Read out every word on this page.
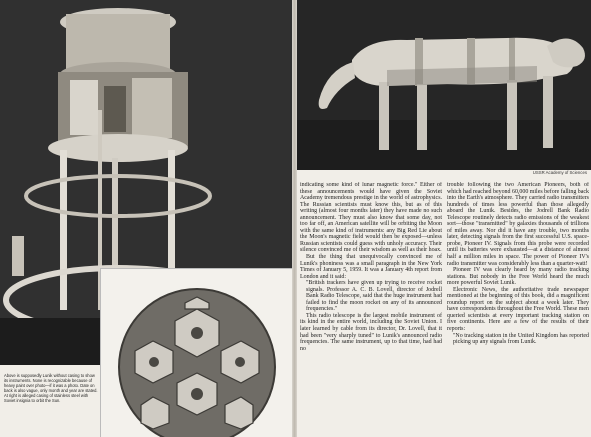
Above is supposedly Lunik without casing to show its instruments. None is recognizable because of heavy paint over photo—if it was a photo. Date on back is also vague, only month and year are stated. At right is alleged casing of stainless steel with Soviet insignia to orbit the Sun.
USSR Academy of Sciences

indicating some kind of lunar magnetic force." Either of these announcements would have given the Soviet Academy tremendous prestige in the world of astrophysics. The Russian scientists must know this, but as of this writing (almost four months later) they have made no such announcement. They must also know that some day, not too far off, an American satellite will be orbiting the Moon with the same kind of instruments: any Big Red Lie about the Moon's magnetic field would then be exposed—unless Russian scientists could guess with unholy accuracy. Their silence convinced me of their wisdom as well as their hoax.

But the thing that unequivocally convinced me of Lunik's phoniness was a small paragraph in the New York Times of January 5, 1959. It was a January 4th report from London and it said:

"British trackers have given up trying to receive rocket signals. Professor A. C. B. Lovell, director of Jodrell Bank Radio Telescope, said that the huge instrument had failed to find the moon rocket on any of its announced frequencies."

This radio telescope is the largest mobile instrument of its kind in the entire world, including the Soviet Union. I later learned by cable from its director, Dr. Lovell, that it had been "very sharply tuned" to Lunik's announced radio frequencies. The same instrument, up to that time, had had no

trouble following the two American Pioneers, both of which had reached beyond 60,000 miles before falling back into the Earth's atmosphere. They carried radio transmitters hundreds of times less powerful than those allegedly aboard the Lunik. Besides, the Jodrell Bank Radio Telescope routinely detects radio emissions of the weakest sort—those "transmitted" by galaxies thousands of trillions of miles away. Nor did it have any trouble, two months later, detecting signals from the first successful U.S. space-probe, Pioneer IV. Signals from this probe were recorded until its batteries were exhausted—at a distance of almost half a million miles in space. The power of Pioneer IV's radio transmitter was considerably less than a quarter-watt!

Pioneer IV was clearly heard by many radio tracking stations. But nobody in the Free World heard the much more powerful Soviet Lunik.

Electronic News, the authoritative trade newspaper mentioned at the beginning of this book, did a magnificent roundup report on the subject about a week later. They have correspondents throughout the Free World. These men queried scientists at every important tracking station on five continents. Here are a few of the results of their reports:

"No tracking station in the United Kingdom has reported picking up any signals from Lunik.
